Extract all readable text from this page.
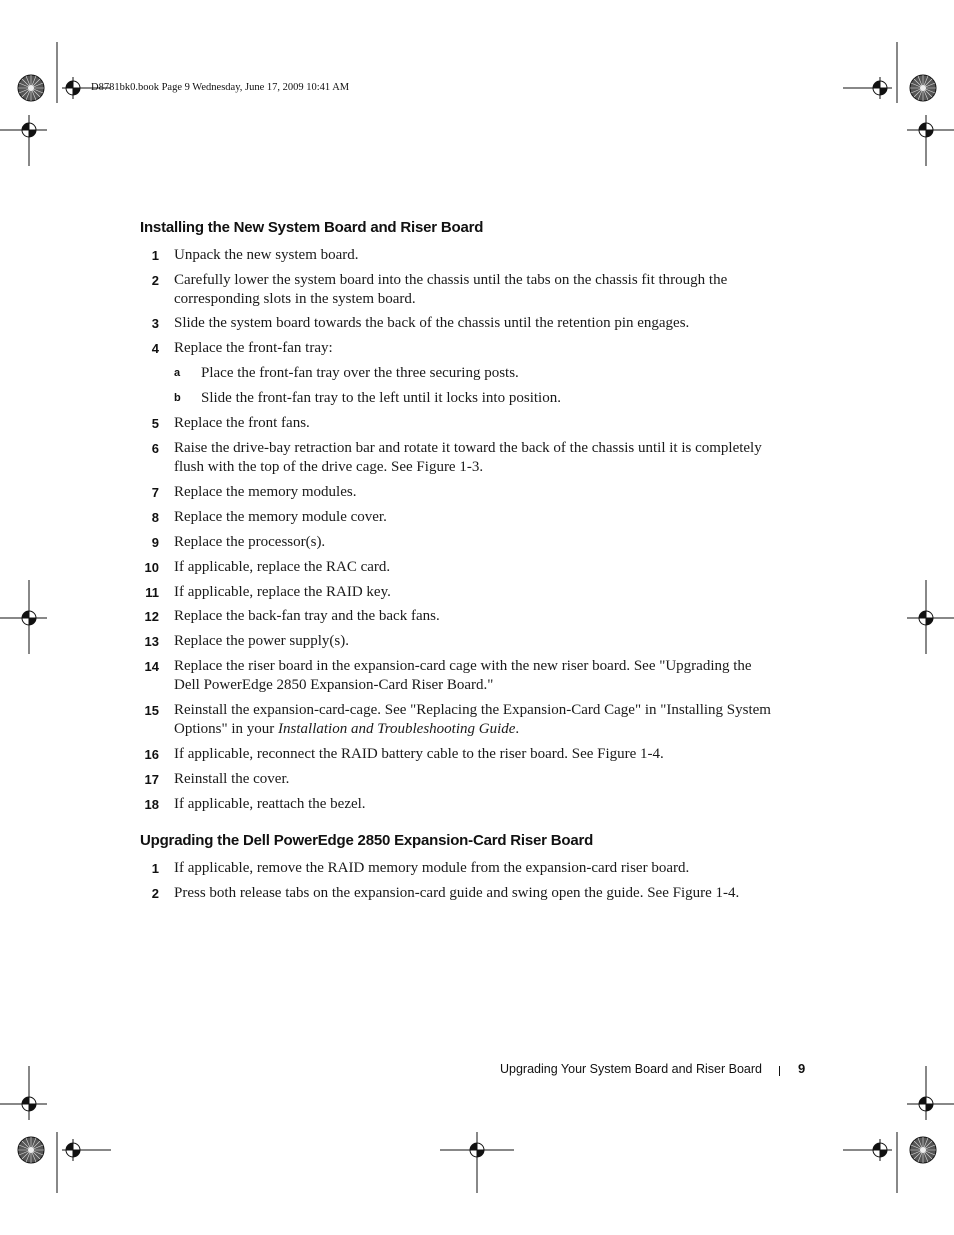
D8781bk0.book Page 9 Wednesday, June 17, 2009 10:41 AM
Installing the New System Board and Riser Board
1 Unpack the new system board.
2 Carefully lower the system board into the chassis until the tabs on the chassis fit through the corresponding slots in the system board.
3 Slide the system board towards the back of the chassis until the retention pin engages.
4 Replace the front-fan tray:
a Place the front-fan tray over the three securing posts.
b Slide the front-fan tray to the left until it locks into position.
5 Replace the front fans.
6 Raise the drive-bay retraction bar and rotate it toward the back of the chassis until it is completely flush with the top of the drive cage. See Figure 1-3.
7 Replace the memory modules.
8 Replace the memory module cover.
9 Replace the processor(s).
10 If applicable, replace the RAC card.
11 If applicable, replace the RAID key.
12 Replace the back-fan tray and the back fans.
13 Replace the power supply(s).
14 Replace the riser board in the expansion-card cage with the new riser board. See "Upgrading the Dell PowerEdge 2850 Expansion-Card Riser Board."
15 Reinstall the expansion-card-cage. See "Replacing the Expansion-Card Cage" in "Installing System Options" in your Installation and Troubleshooting Guide.
16 If applicable, reconnect the RAID battery cable to the riser board. See Figure 1-4.
17 Reinstall the cover.
18 If applicable, reattach the bezel.
Upgrading the Dell PowerEdge 2850 Expansion-Card Riser Board
1 If applicable, remove the RAID memory module from the expansion-card riser board.
2 Press both release tabs on the expansion-card guide and swing open the guide. See Figure 1-4.
Upgrading Your System Board and Riser Board	9
